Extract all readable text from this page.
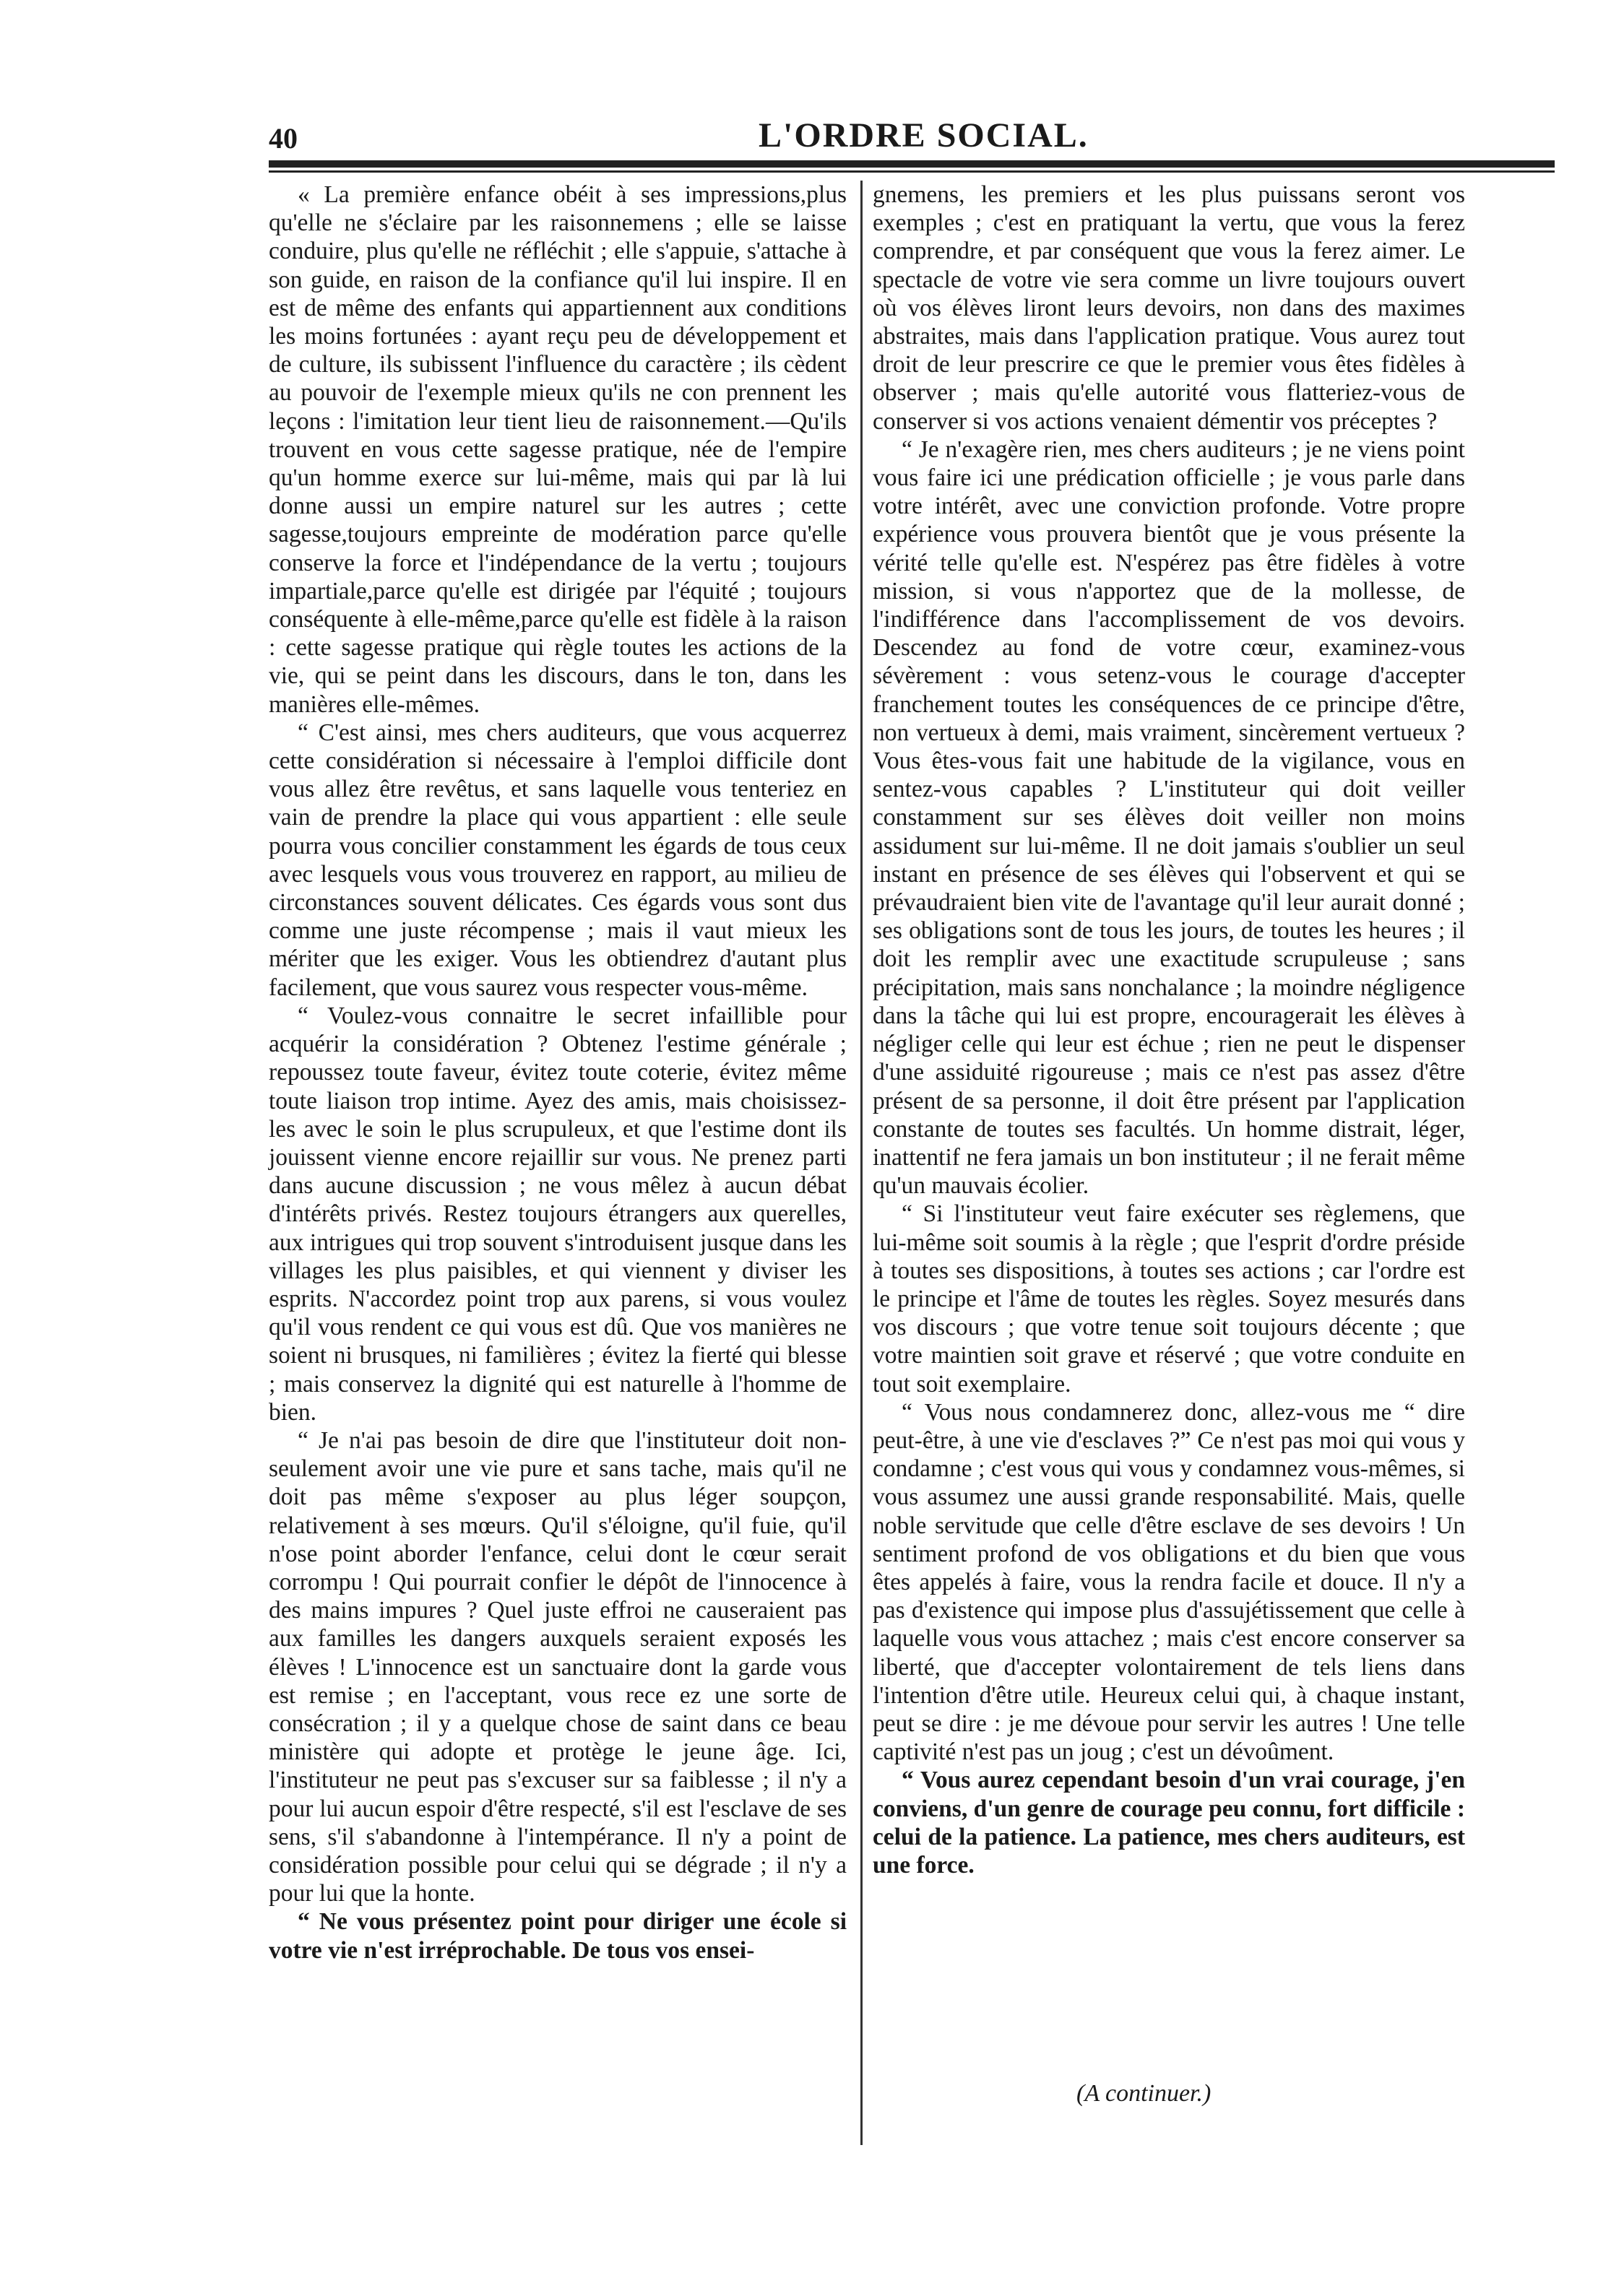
40	L'ORDRE SOCIAL.

« La première enfance obéit à ses impressions,plus qu'elle ne s'éclaire par les raisonnemens ; elle se laisse conduire, plus qu'elle ne réfléchit ; elle s'appuie, s'attache à son guide, en raison de la confiance qu'il lui inspire. Il en est de même des enfants qui appartiennent aux conditions les moins fortunées : ayant reçu peu de développement et de culture, ils subissent l'influence du caractère ; ils cèdent au pouvoir de l'exemple mieux qu'ils ne con prennent les leçons : l'imitation leur tient lieu de raisonnement.—Qu'ils trouvent en vous cette sagesse pratique, née de l'empire qu'un homme exerce sur lui-même, mais qui par là lui donne aussi un empire naturel sur les autres ; cette sagesse,toujours empreinte de modération parce qu'elle conserve la force et l'indépendance de la vertu ; toujours impartiale,parce qu'elle est dirigée par l'équité ; toujours conséquente à elle-même,parce qu'elle est fidèle à la raison : cette sagesse pratique qui règle toutes les actions de la vie, qui se peint dans les discours, dans le ton, dans les manières elle-mêmes.

“ C'est ainsi, mes chers auditeurs, que vous acquerrez cette considération si nécessaire à l'emploi difficile dont vous allez être revêtus, et sans laquelle vous tenteriez en vain de prendre la place qui vous appartient : elle seule pourra vous concilier constamment les égards de tous ceux avec lesquels vous vous trouverez en rapport, au milieu de circonstances souvent délicates. Ces égards vous sont dus comme une juste récompense ; mais il vaut mieux les mériter que les exiger. Vous les obtiendrez d'autant plus facilement, que vous saurez vous respecter vous-même.

“ Voulez-vous connaitre le secret infaillible pour acquérir la considération ? Obtenez l'estime générale ; repoussez toute faveur, évitez toute coterie, évitez même toute liaison trop intime. Ayez des amis, mais choisissez-les avec le soin le plus scrupuleux, et que l'estime dont ils jouissent vienne encore rejaillir sur vous. Ne prenez parti dans aucune discussion ; ne vous mêlez à aucun débat d'intérêts privés. Restez toujours étrangers aux querelles, aux intrigues qui trop souvent s'introduisent jusque dans les villages les plus paisibles, et qui viennent y diviser les esprits. N'accordez point trop aux parens, si vous voulez qu'il vous rendent ce qui vous est dû. Que vos manières ne soient ni brusques, ni familières ; évitez la fierté qui blesse ; mais conservez la dignité qui est naturelle à l'homme de bien.

“ Je n'ai pas besoin de dire que l'instituteur doit non-seulement avoir une vie pure et sans tache, mais qu'il ne doit pas même s'exposer au plus léger soupçon, relativement à ses mœurs. Qu'il s'éloigne, qu'il fuie, qu'il n'ose point aborder l'enfance, celui dont le cœur serait corrompu ! Qui pourrait confier le dépôt de l'innocence à des mains impures ? Quel juste effroi ne causeraient pas aux familles les dangers auxquels seraient exposés les élèves ! L'innocence est un sanctuaire dont la garde vous est remise ; en l'acceptant, vous rece ez une sorte de consécration ; il y a quelque chose de saint dans ce beau ministère qui adopte et protège le jeune âge. Ici, l'instituteur ne peut pas s'excuser sur sa faiblesse ; il n'y a pour lui aucun espoir d'être respecté, s'il est l'esclave de ses sens, s'il s'abandonne à l'intempérance. Il n'y a point de considération possible pour celui qui se dégrade ; il n'y a pour lui que la honte.

“ Ne vous présentez point pour diriger une école si votre vie n'est irréprochable. De tous vos ensei-

gnemens, les premiers et les plus puissans seront vos exemples ; c'est en pratiquant la vertu, que vous la ferez comprendre, et par conséquent que vous la ferez aimer. Le spectacle de votre vie sera comme un livre toujours ouvert où vos élèves liront leurs devoirs, non dans des maximes abstraites, mais dans l'application pratique. Vous aurez tout droit de leur prescrire ce que le premier vous êtes fidèles à observer ; mais qu'elle autorité vous flatteriez-vous de conserver si vos actions venaient démentir vos préceptes ?

“ Je n'exagère rien, mes chers auditeurs ; je ne viens point vous faire ici une prédication officielle ; je vous parle dans votre intérêt, avec une conviction profonde. Votre propre expérience vous prouvera bientôt que je vous présente la vérité telle qu'elle est. N'espérez pas être fidèles à votre mission, si vous n'apportez que de la mollesse, de l'indifférence dans l'accomplissement de vos devoirs. Descendez au fond de votre cœur, examinez-vous sévèrement : vous setenz-vous le courage d'accepter franchement toutes les conséquences de ce principe d'être, non vertueux à demi, mais vraiment, sincèrement vertueux ? Vous êtes-vous fait une habitude de la vigilance, vous en sentez-vous capables ? L'instituteur qui doit veiller constamment sur ses élèves doit veiller non moins assidument sur lui-même. Il ne doit jamais s'oublier un seul instant en présence de ses élèves qui l'observent et qui se prévaudraient bien vite de l'avantage qu'il leur aurait donné ; ses obligations sont de tous les jours, de toutes les heures ; il doit les remplir avec une exactitude scrupuleuse ; sans précipitation, mais sans nonchalance ; la moindre négligence dans la tâche qui lui est propre, encouragerait les élèves à négliger celle qui leur est échue ; rien ne peut le dispenser d'une assiduité rigoureuse ; mais ce n'est pas assez d'être présent de sa personne, il doit être présent par l'application constante de toutes ses facultés. Un homme distrait, léger, inattentif ne fera jamais un bon instituteur ; il ne ferait même qu'un mauvais écolier.

“ Si l'instituteur veut faire exécuter ses règlemens, que lui-même soit soumis à la règle ; que l'esprit d'ordre préside à toutes ses dispositions, à toutes ses actions ; car l'ordre est le principe et l'âme de toutes les règles. Soyez mesurés dans vos discours ; que votre tenue soit toujours décente ; que votre maintien soit grave et réservé ; que votre conduite en tout soit exemplaire.

“ Vous nous condamnerez donc, allez-vous me “ dire peut-être, à une vie d'esclaves ?” Ce n'est pas moi qui vous y condamne ; c'est vous qui vous y condamnez vous-mêmes, si vous assumez une aussi grande responsabilité. Mais, quelle noble servitude que celle d'être esclave de ses devoirs ! Un sentiment profond de vos obligations et du bien que vous êtes appelés à faire, vous la rendra facile et douce. Il n'y a pas d'existence qui impose plus d'assujétissement que celle à laquelle vous vous attachez ; mais c'est encore conserver sa liberté, que d'accepter volontairement de tels liens dans l'intention d'être utile. Heureux celui qui, à chaque instant, peut se dire : je me dévoue pour servir les autres ! Une telle captivité n'est pas un joug ; c'est un dévoûment.

“ Vous aurez cependant besoin d'un vrai courage, j'en conviens, d'un genre de courage peu connu, fort difficile : celui de la patience. La patience, mes chers auditeurs, est une force.

(A continuer.)
